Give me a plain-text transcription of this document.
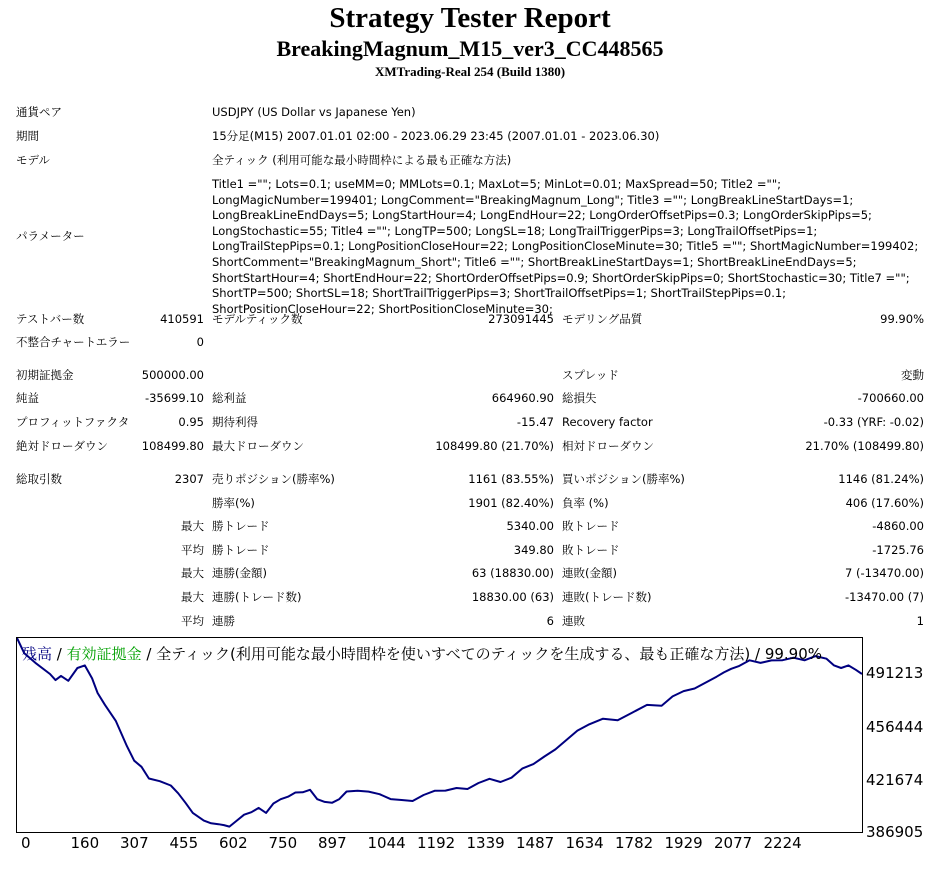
Strategy Tester Report
BreakingMagnum_M15_ver3_CC448565
XMTrading-Real 254 (Build 1380)
通貨ペア	USDJPY (US Dollar vs Japanese Yen)
期間	15分足(M15) 2007.01.01 02:00 - 2023.06.29 23:45 (2007.01.01 - 2023.06.30)
モデル	全ティック (利用可能な最小時間枠による最も正確な方法)
パラメーター
Title1 =""; Lots=0.1; useMM=0; MMLots=0.1; MaxLot=5; MinLot=0.01; MaxSpread=50; Title2 =""; LongMagicNumber=199401; LongComment="BreakingMagnum_Long"; Title3 =""; LongBreakLineStartDays=1; LongBreakLineEndDays=5; LongStartHour=4; LongEndHour=22; LongOrderOffsetPips=0.3; LongOrderSkipPips=5; LongStochastic=55; Title4 =""; LongTP=500; LongSL=18; LongTrailTriggerPips=3; LongTrailOffsetPips=1; LongTrailStepPips=0.1; LongPositionCloseHour=22; LongPositionCloseMinute=30; Title5 =""; ShortMagicNumber=199402; ShortComment="BreakingMagnum_Short"; Title6 =""; ShortBreakLineStartDays=1; ShortBreakLineEndDays=5; ShortStartHour=4; ShortEndHour=22; ShortOrderOffsetPips=0.9; ShortOrderSkipPips=0; ShortStochastic=30; Title7 =""; ShortTP=500; ShortSL=18; ShortTrailTriggerPips=3; ShortTrailOffsetPips=1; ShortTrailStepPips=0.1; ShortPositionCloseHour=22; ShortPositionCloseMinute=30;
テストバー数	410591 モデルティック数	273091445 モデリング品質	99.90%
不整合チャートエラー	0
初期証拠金	500000.00	スプレッド	変動
純益	-35699.10 総利益	664960.90 総損失	-700660.00
プロフィットファクタ	0.95 期待利得	-15.47 Recovery factor	-0.33 (YRF: -0.02)
絶対ドローダウン	108499.80 最大ドローダウン	108499.80 (21.70%) 相対ドローダウン	21.70% (108499.80)
総取引数	2307 売りポジション(勝率%)	1161 (83.55%) 買いポジション(勝率%)	1146 (81.24%)
勝率(%)	1901 (82.40%) 負率 (%)	406 (17.60%)
最大 勝トレード	5340.00 敗トレード	-4860.00
平均 勝トレード	349.80 敗トレード	-1725.76
最大 連勝(金額)	63 (18830.00) 連敗(金額)	7 (-13470.00)
最大 連勝(トレード数)	18830.00 (63) 連敗(トレード数)	-13470.00 (7)
平均 連勝	6 連敗	1
残高 / 有効証拠金 / 全ティック(利用可能な最小時間枠を使いすべてのティックを生成する、最も正確な方法) / 99.90%
491213
456444
421674
386905
0	160 307 455 602 750 897 1044 1192 1339 1487 1634 1782 1929 2077 2224
